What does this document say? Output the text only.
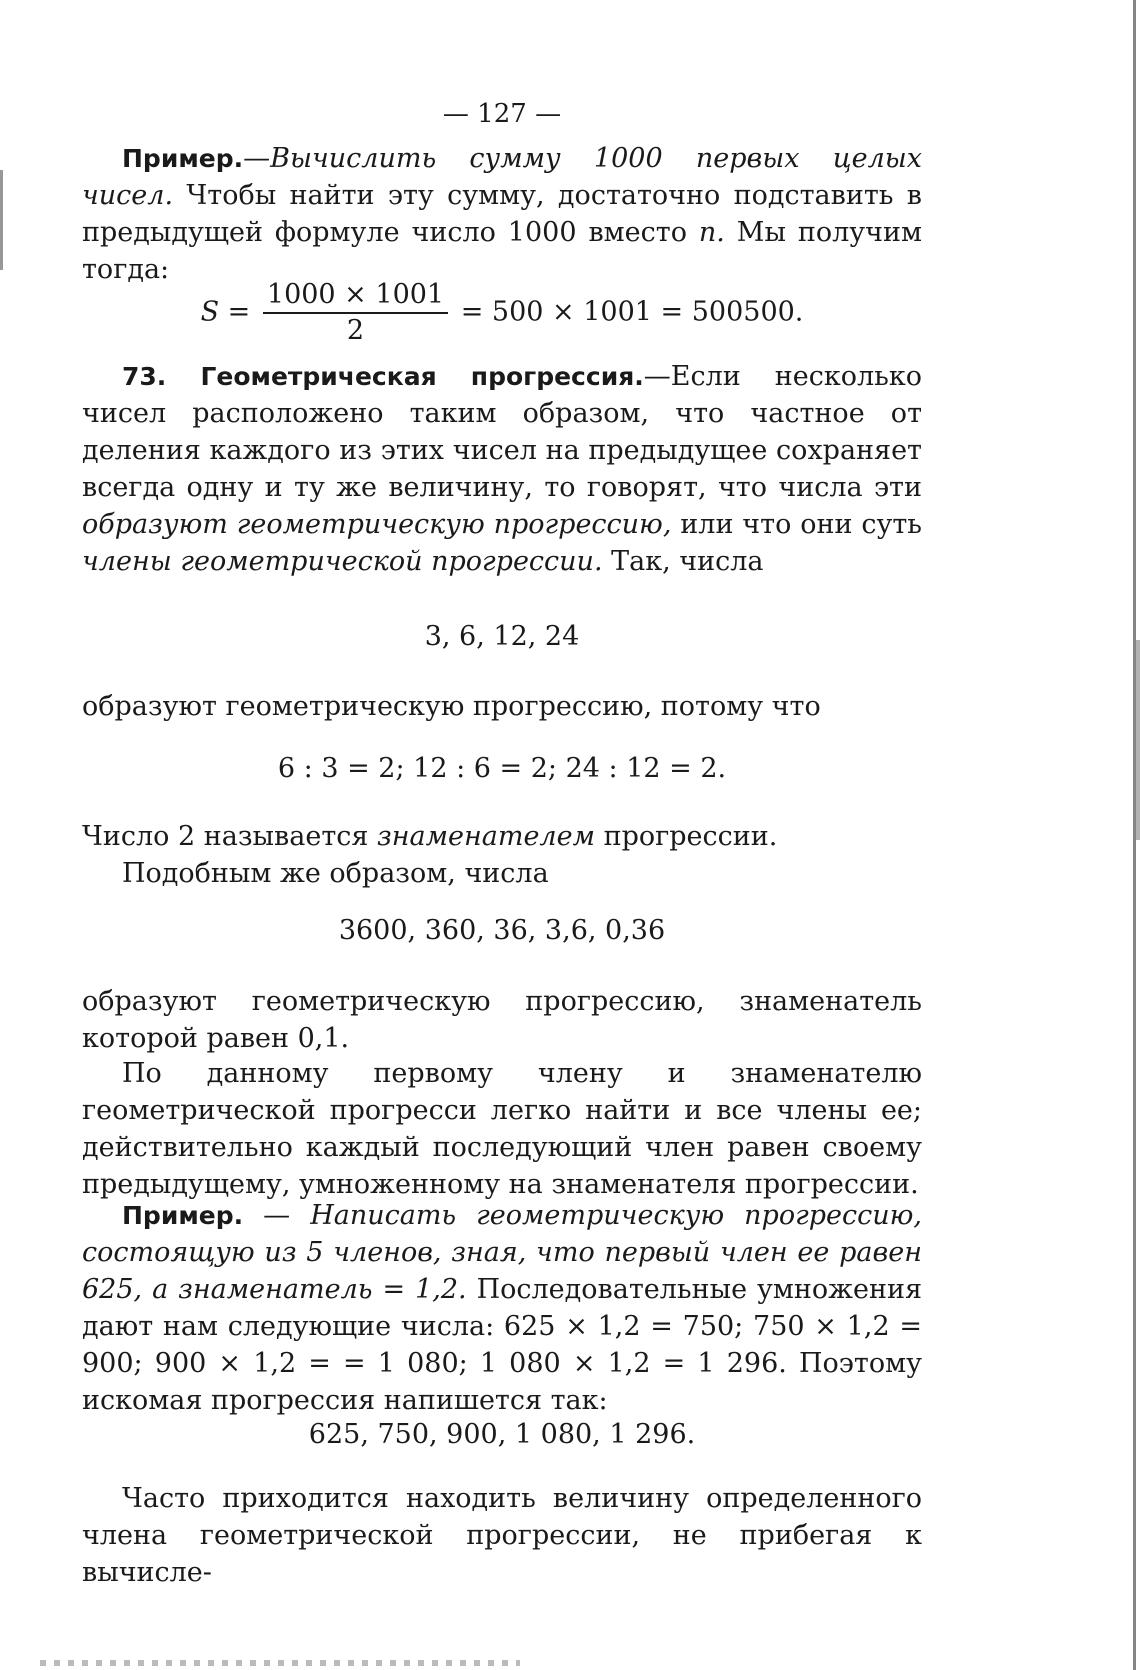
— 127 —
Пример.—Вычислить сумму 1000 первых целых чисел. Чтобы найти эту сумму, достаточно подставить в предыдущей формуле число 1000 вместо n. Мы получим тогда:
$S = \frac{1000 \times 1001}{2} = 500 \times 1001 = 500500$.
73. Геометрическая прогрессия.—Если несколько чисел расположено таким образом, что частное от деления каждого из этих чисел на предыдущее сохраняет всегда одну и ту же величину, то говорят, что числа эти образуют геометрическую прогрессию, или что они суть члены геометрической прогрессии. Так, числа
3, 6, 12, 24
образуют геометрическую прогрессию, потому что
6 : 3 = 2; 12 : 6 = 2; 24 : 12 = 2.
Число 2 называется знаменателем прогрессии.
Подобным же образом, числа
3600, 360, 36, 3,6, 0,36
образуют геометрическую прогрессию, знаменатель которой равен 0,1.
По данному первому члену и знаменателю геометрической прогресси легко найти и все члены ее; действительно каждый последующий член равен своему предыдущему, умноженному на знаменателя прогрессии.
Пример. — Написать геометрическую прогрессию, состоящую из 5 членов, зная, что первый член ее равен 625, а знаменатель = 1,2. Последовательные умножения дают нам следующие числа: 625 × 1,2 = 750; 750 × 1,2 = 900; 900 × 1,2 = = 1 080; 1 080 × 1,2 = 1 296. Поэтому искомая прогрессия напишется так:
625, 750, 900, 1 080, 1 296.
Часто приходится находить величину определенного члена геометрической прогрессии, не прибегая к вычисле-
